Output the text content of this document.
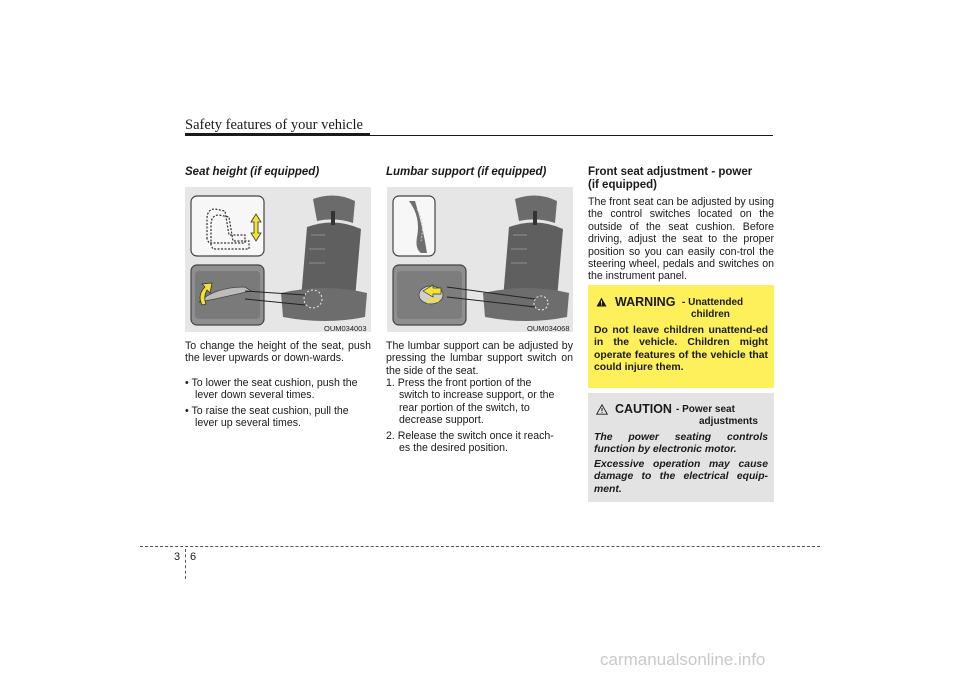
Safety features of your vehicle
Seat height (if equipped)
OUM034003
To change the height of the seat, push the lever upwards or down-wards.
• To lower the seat cushion, push the
lever down several times.
• To raise the seat cushion, pull the
lever up several times.
Lumbar support (if equipped)
OUM034068
The lumbar support can be adjusted by pressing the lumbar support switch on the side of the seat.
1. Press the front portion of the
switch to increase support, or the
rear portion of the switch, to
decrease support.
2. Release the switch once it reach-
es the desired position.
Front seat adjustment - power
(if equipped)
The front seat can be adjusted by using the control switches located on the outside of the seat cushion. Before driving, adjust the seat to the proper position so you can easily con-trol the steering wheel, pedals and switches on the instrument panel.
WARNING - Unattended
children
Do not leave children unattend-ed in the vehicle. Children might operate features of the vehicle that could injure them.
CAUTION - Power seat
adjustments
The power seating controls function by electronic motor.
Excessive operation may cause damage to the electrical equip-ment.
3 6
carmanualsonline.info
